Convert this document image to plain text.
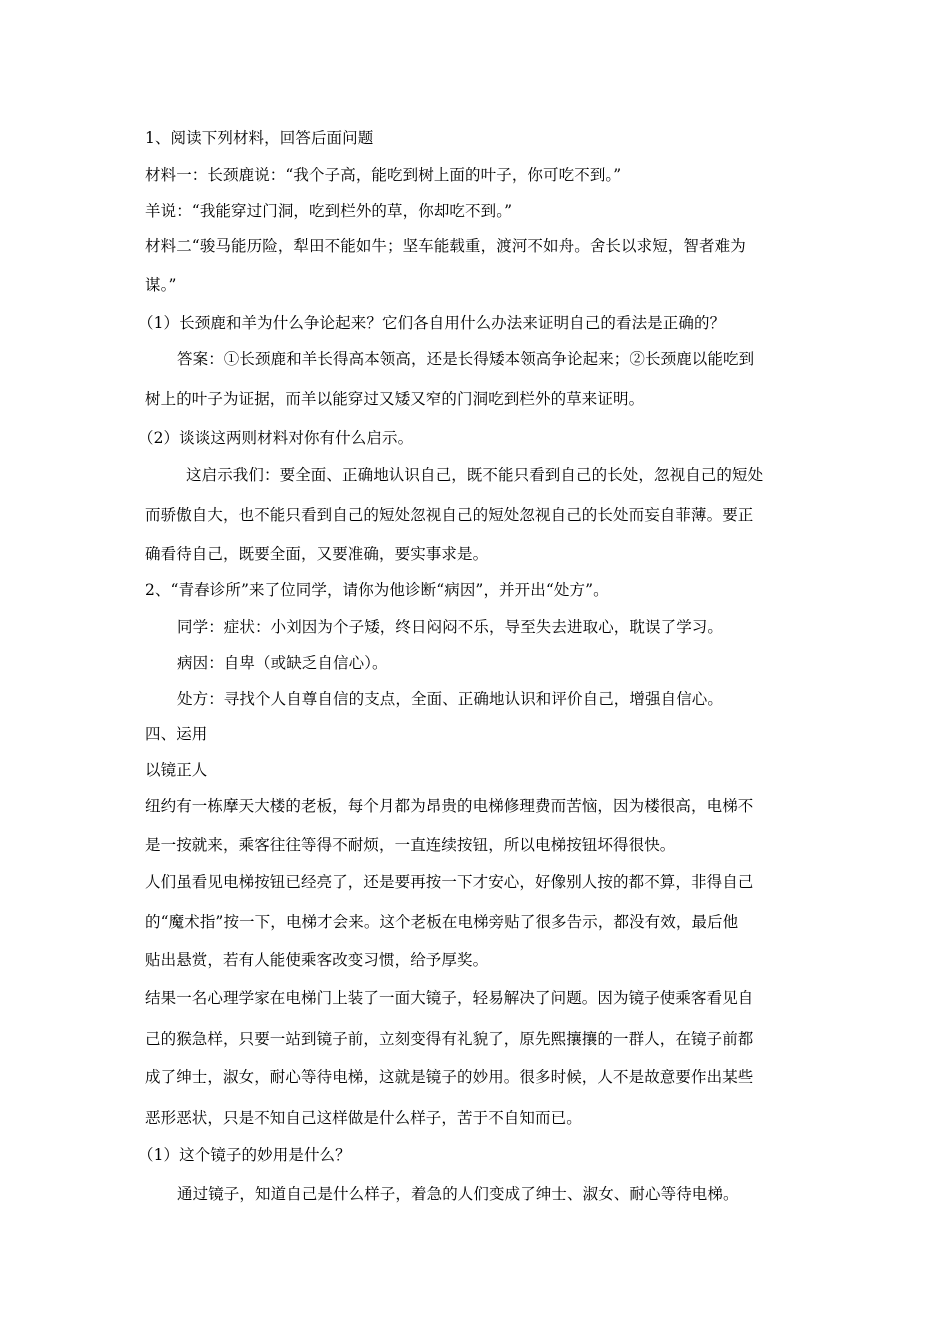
1、阅读下列材料，回答后面问题
材料一：长颈鹿说：“我个子高，能吃到树上面的叶子，你可吃不到。”
羊说：“我能穿过门洞，吃到栏外的草，你却吃不到。”
材料二“骏马能历险，犁田不能如牛；坚车能载重，渡河不如舟。舍长以求短，智者难为
谋。”
（1）长颈鹿和羊为什么争论起来？它们各自用什么办法来证明自己的看法是正确的？
答案：①长颈鹿和羊长得高本领高，还是长得矮本领高争论起来；②长颈鹿以能吃到
树上的叶子为证据，而羊以能穿过又矮又窄的门洞吃到栏外的草来证明。
（2）谈谈这两则材料对你有什么启示。
这启示我们：要全面、正确地认识自己，既不能只看到自己的长处，忽视自己的短处
而骄傲自大，也不能只看到自己的短处忽视自己的短处忽视自己的长处而妄自菲薄。要正
确看待自己，既要全面，又要准确，要实事求是。
2、“青春诊所”来了位同学，请你为他诊断“病因”，并开出“处方”。
同学：症状：小刘因为个子矮，终日闷闷不乐，导至失去进取心，耽误了学习。
病因：自卑（或缺乏自信心）。
处方：寻找个人自尊自信的支点，全面、正确地认识和评价自己，增强自信心。
四、运用
以镜正人
纽约有一栋摩天大楼的老板，每个月都为昂贵的电梯修理费而苦恼，因为楼很高，电梯不
是一按就来，乘客往往等得不耐烦，一直连续按钮，所以电梯按钮坏得很快。
人们虽看见电梯按钮已经亮了，还是要再按一下才安心，好像别人按的都不算，非得自己
的“魔术指”按一下，电梯才会来。这个老板在电梯旁贴了很多告示，都没有效，最后他
贴出悬赏，若有人能使乘客改变习惯，给予厚奖。
结果一名心理学家在电梯门上装了一面大镜子，轻易解决了问题。因为镜子使乘客看见自
己的猴急样，只要一站到镜子前，立刻变得有礼貌了，原先熙攘攘的一群人，在镜子前都
成了绅士，淑女，耐心等待电梯，这就是镜子的妙用。很多时候，人不是故意要作出某些
恶形恶状，只是不知自己这样做是什么样子，苦于不自知而已。
（1）这个镜子的妙用是什么？
通过镜子，知道自己是什么样子，着急的人们变成了绅士、淑女、耐心等待电梯。
